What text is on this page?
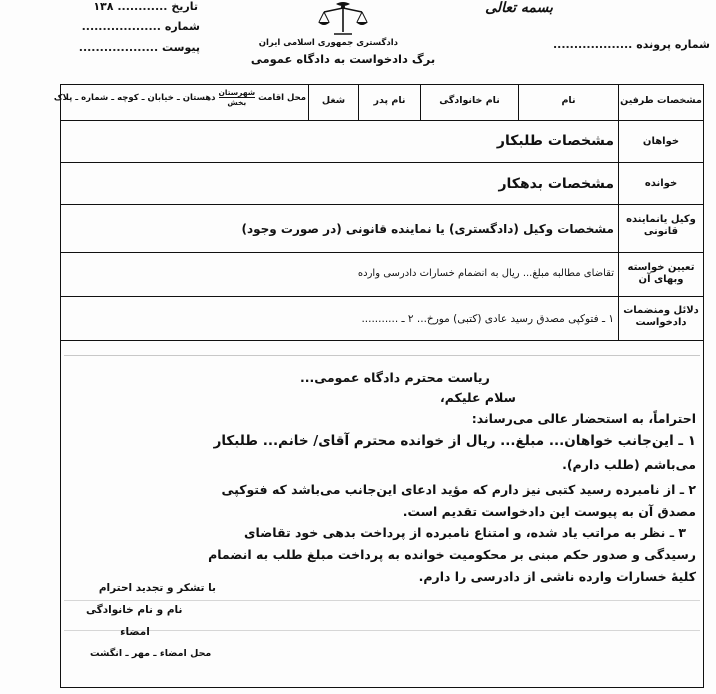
تاریخ ............ ۱۳۸
شماره ...................
پیوست ...................	دادگستری جمهوری اسلامی ایران
برگ دادخواست به دادگاه عمومی
بسمه تعالی
شماره پرونده ...................
مشخصات طرفین
نام
نام خانوادگی
نام پدر
شغل
محل اقامت
شهرستان
بخش
دهستان ـ خیابان ـ کوچه ـ شماره ـ پلاک
خواهان
خوانده
وکیل یانماینده قانونی
تعیین خواسته وبهای آن
دلائل ومنضمات دادخواست
مشخصات طلبکار
مشخصات بدهکار
مشخصات وکیل (دادگستری) یا نماینده قانونی (در صورت وجود)
تقاضای مطالبه مبلغ... ریال به انضمام خسارات دادرسی وارده
۱ ـ فتوکپی مصدق رسید عادی (کتبی) مورخ... ۲ ـ ...........
ریاست محترم دادگاه عمومی...
سلام علیکم،
احتراماً، به استحضار عالی می‌رساند:
۱ ـ این‌جانب خواهان... مبلغ... ریال از خوانده محترم آقای/ خانم... طلبکار
می‌باشم (طلب دارم).
۲ ـ از نامبرده رسید کتبی نیز دارم که مؤید ادعای این‌جانب می‌باشد که فتوکپی
مصدق آن به پیوست این دادخواست تقدیم است.
۳ ـ نظر به مراتب یاد شده، و امتناع نامبرده از پرداخت بدهی خود تقاضای
رسیدگی و صدور حکم مبنی بر محکومیت خوانده به پرداخت مبلغ طلب به انضمام
کلیهٔ خسارات وارده ناشی از دادرسی را دارم.
با تشکر و تجدید احترام
نام و نام خانوادگی
امضاء
محل امضاء ـ مهر ـ انگشت
